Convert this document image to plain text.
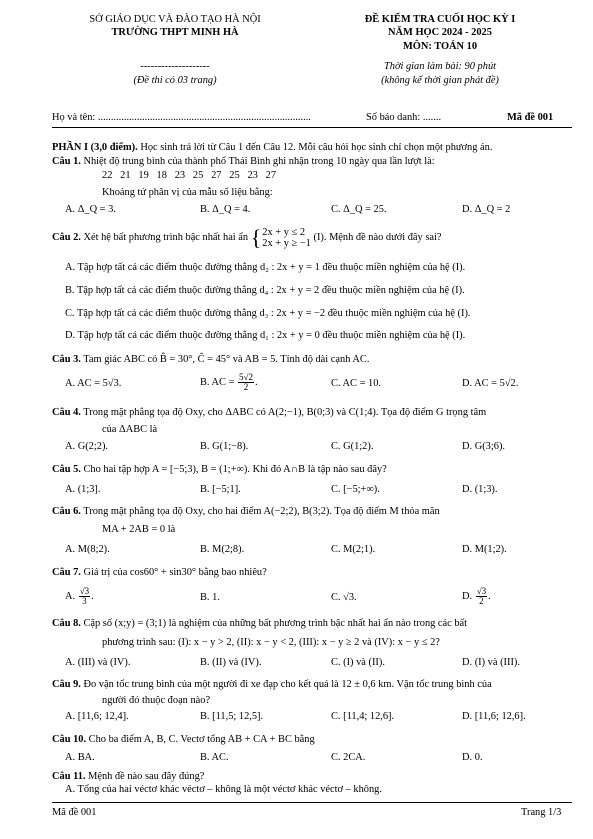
SỞ GIÁO DỤC VÀ ĐÀO TẠO HÀ NỘI
TRƯỜNG THPT MINH HÀ
--------------------
(Đề thi có 03 trang)
ĐỀ KIỂM TRA CUỐI HỌC KỲ I
NĂM HỌC 2024 - 2025
MÔN: TOÁN 10
Thời gian làm bài: 90 phút
(không kể thời gian phát đề)
Họ và tên: ..................................................................................	Số báo danh: .......	Mã đề 001
PHẦN I (3,0 điểm). Học sinh trả lời từ Câu 1 đến Câu 12. Mỗi câu hỏi học sinh chỉ chọn một phương án.
Câu 1. Nhiệt độ trung bình của thành phố Thái Bình ghi nhận trong 10 ngày qua lần lượt là:
22   21   19   18   23   25   27   25   23   27
Khoảng tứ phân vị của mẫu số liệu bằng:
A. Δ_Q = 3.	B. Δ_Q = 4.	C. Δ_Q = 25.	D. Δ_Q = 2
Câu 2. Xét hệ bất phương trình bậc nhất hai ẩn { 2x + y ≤ 2
2x + y ≥ −1
(I). Mệnh đề nào dưới đây sai?
A. Tập hợp tất cả các điểm thuộc đường thẳng d₂ : 2x + y = 1 đều thuộc miền nghiệm của hệ (I).
B. Tập hợp tất cả các điểm thuộc đường thẳng d₄ : 2x + y = 2 đều thuộc miền nghiệm của hệ (I).
C. Tập hợp tất cả các điểm thuộc đường thẳng d₃ : 2x + y = −2 đều thuộc miền nghiệm của hệ (I).
D. Tập hợp tất cả các điểm thuộc đường thẳng d₁ : 2x + y = 0 đều thuộc miền nghiệm của hệ (I).
Câu 3. Tam giác ABC có B̂ = 30°, Ĉ = 45° và AB = 5. Tính độ dài cạnh AC.
A. AC = 5√3.	B. AC = $\frac{5√2}{2}$ .	C. AC = 10.	D. AC = 5√2.
Câu 4. Trong mặt phẳng tọa độ Oxy, cho ΔABC có A(2;−1), B(0;3) và C(1;4). Tọa độ điểm G trọng tâm
của ΔABC là
A. G(2;2).	B. G(1;−8).	C. G(1;2).	D. G(3;6).
Câu 5. Cho hai tập hợp A = [−5;3), B = (1;+∞). Khi đó A∩B là tập nào sau đây?
A. (1;3].	B. [−5;1].	C. [−5;+∞).	D. (1;3).
Câu 6. Trong mặt phẳng tọa độ Oxy, cho hai điểm A(−2;2), B(3;2). Tọa độ điểm M thỏa mãn
MA + 2AB = 0 là
A. M(8;2).	B. M(2;8).	C. M(2;1).	D. M(1;2).
Câu 7. Giá trị của cos60° + sin30° bằng bao nhiêu?
A. $\frac{√3}{3}$ .	B. 1.	C. √3.	D. $\frac{√3}{2}$ .
Câu 8. Cặp số (x;y) = (3;1) là nghiệm của những bất phương trình bậc nhất hai ẩn nào trong các bất
phương trình sau: (I): x − y > 2, (II): x − y < 2, (III): x − y ≥ 2 và (IV): x − y ≤ 2?
A. (III) và (IV).	B. (II) và (IV).	C. (I) và (II).	D. (I) và (III).
Câu 9. Đo vận tốc trung bình của một người đi xe đạp cho kết quả là 12 ± 0,6 km. Vận tốc trung bình của
người đó thuộc đoạn nào?
A. [11,6; 12,4].	B. [11,5; 12,5].	C. [11,4; 12,6].	D. [11,6; 12,6].
Câu 10. Cho ba điểm A, B, C. Vectơ tổng AB + CA + BC bằng
A. BA.	B. AC.	C. 2CA.	D. 0.
Câu 11. Mệnh đề nào sau đây đúng?
A. Tổng của hai véctơ khác véctơ – không là một véctơ khác véctơ – không.
Mã đề 001	Trang 1/3
